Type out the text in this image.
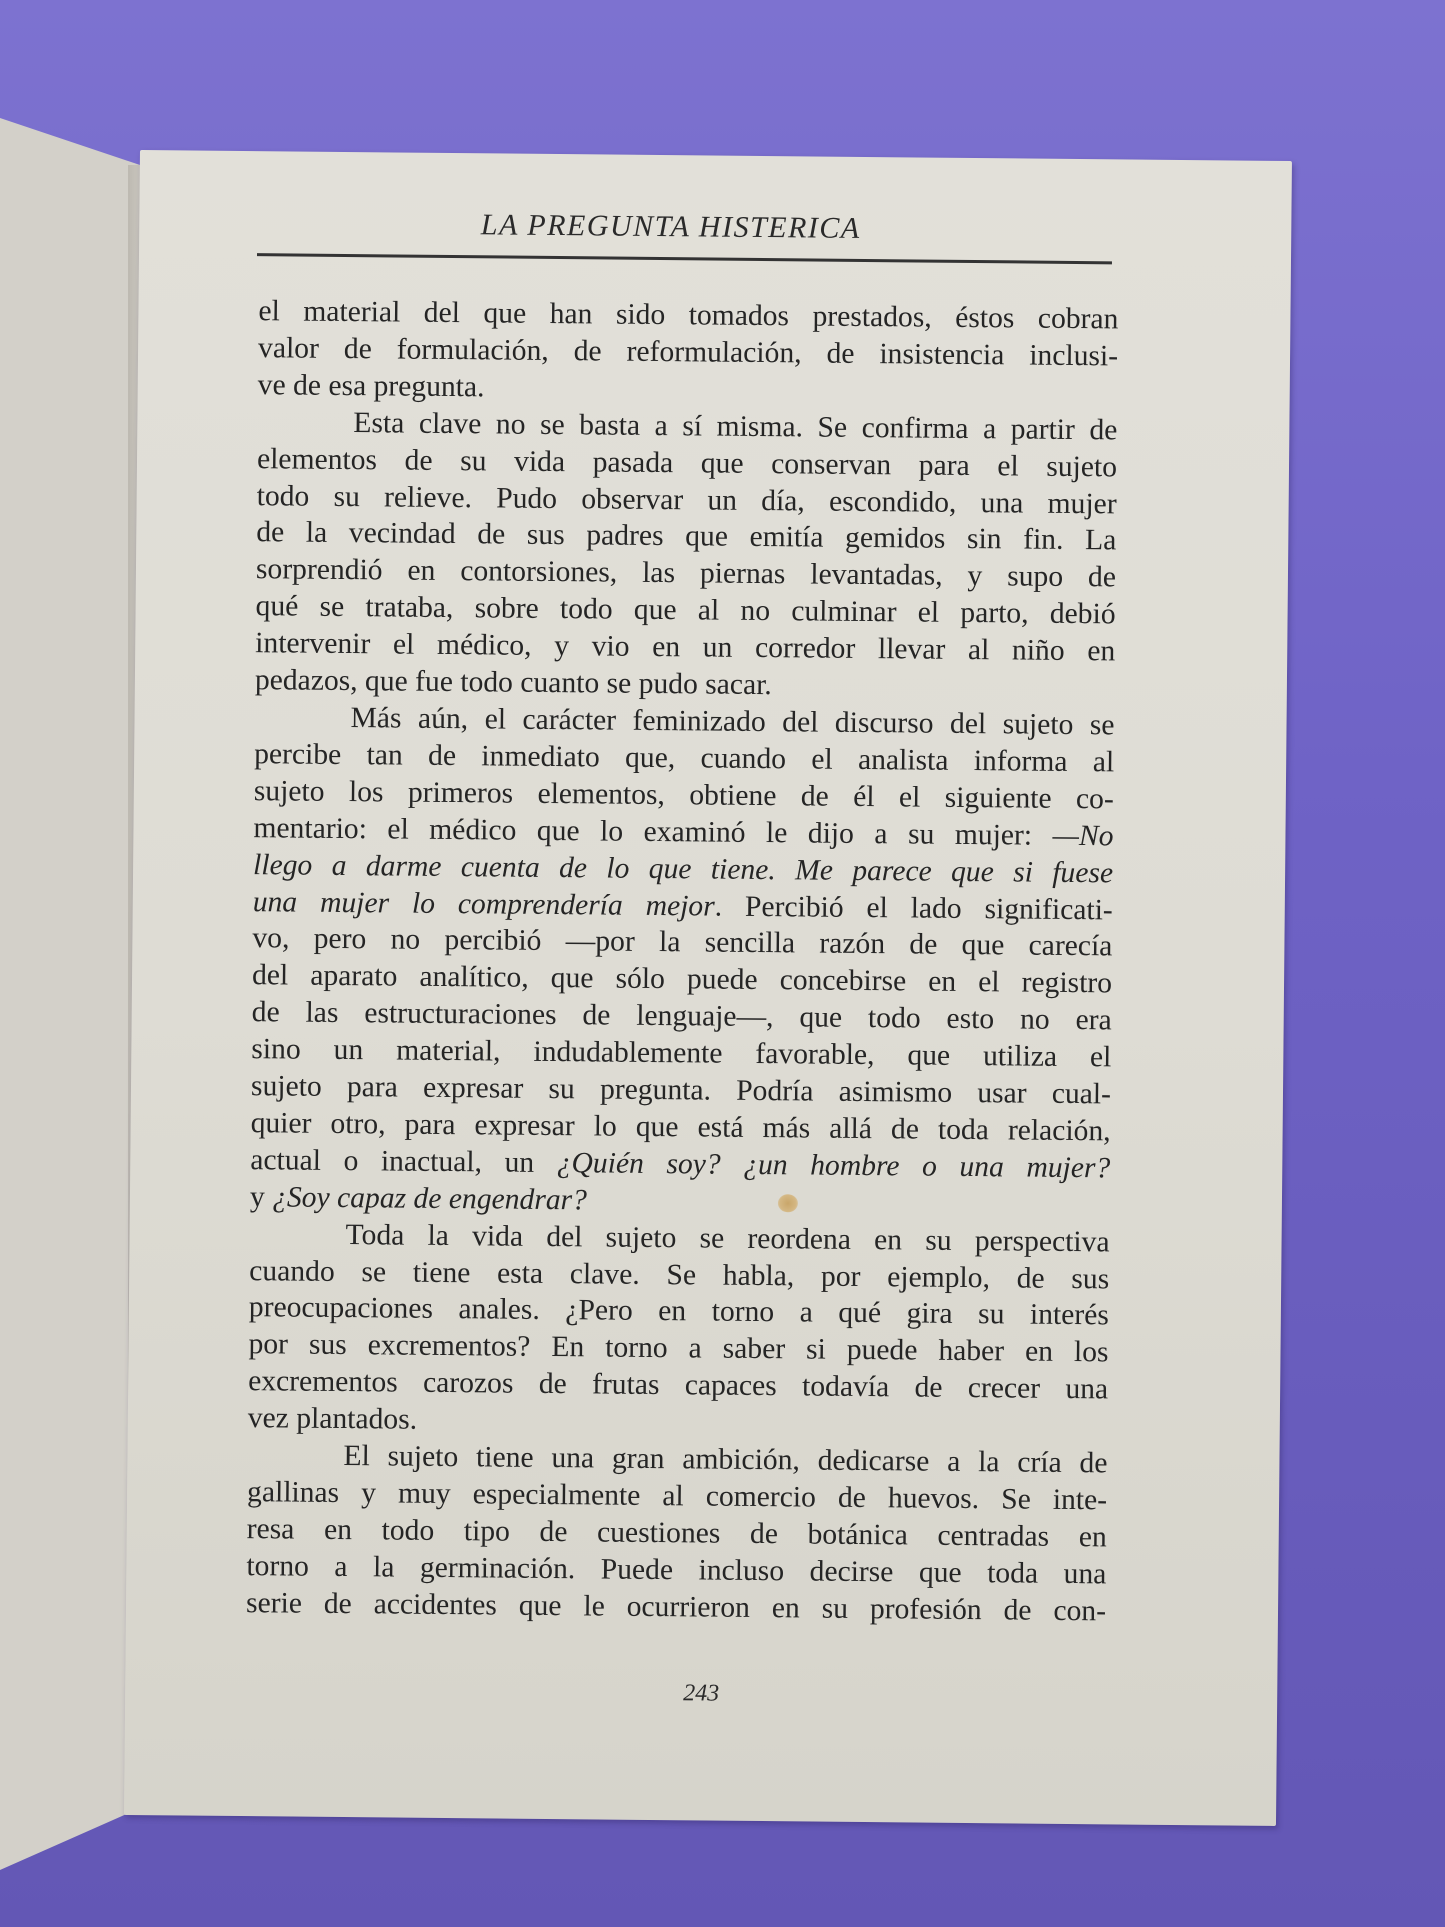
LA PREGUNTA HISTERICA

el material del que han sido tomados prestados, éstos cobran
valor de formulación, de reformulación, de insistencia inclusi-
ve de esa pregunta.

Esta clave no se basta a sí misma. Se confirma a partir de
elementos de su vida pasada que conservan para el sujeto
todo su relieve. Pudo observar un día, escondido, una mujer
de la vecindad de sus padres que emitía gemidos sin fin. La
sorprendió en contorsiones, las piernas levantadas, y supo de
qué se trataba, sobre todo que al no culminar el parto, debió
intervenir el médico, y vio en un corredor llevar al niño en
pedazos, que fue todo cuanto se pudo sacar.

Más aún, el carácter feminizado del discurso del sujeto se
percibe tan de inmediato que, cuando el analista informa al
sujeto los primeros elementos, obtiene de él el siguiente co-
mentario: el médico que lo examinó le dijo a su mujer: —No
llego a darme cuenta de lo que tiene. Me parece que si fuese
una mujer lo comprendería mejor. Percibió el lado significati-
vo, pero no percibió —por la sencilla razón de que carecía
del aparato analítico, que sólo puede concebirse en el registro
de las estructuraciones de lenguaje—, que todo esto no era
sino un material, indudablemente favorable, que utiliza el
sujeto para expresar su pregunta. Podría asimismo usar cual-
quier otro, para expresar lo que está más allá de toda relación,
actual o inactual, un ¿Quién soy? ¿un hombre o una mujer?
y ¿Soy capaz de engendrar?

Toda la vida del sujeto se reordena en su perspectiva
cuando se tiene esta clave. Se habla, por ejemplo, de sus
preocupaciones anales. ¿Pero en torno a qué gira su interés
por sus excrementos? En torno a saber si puede haber en los
excrementos carozos de frutas capaces todavía de crecer una
vez plantados.

El sujeto tiene una gran ambición, dedicarse a la cría de
gallinas y muy especialmente al comercio de huevos. Se inte-
resa en todo tipo de cuestiones de botánica centradas en
torno a la germinación. Puede incluso decirse que toda una
serie de accidentes que le ocurrieron en su profesión de con-

243
